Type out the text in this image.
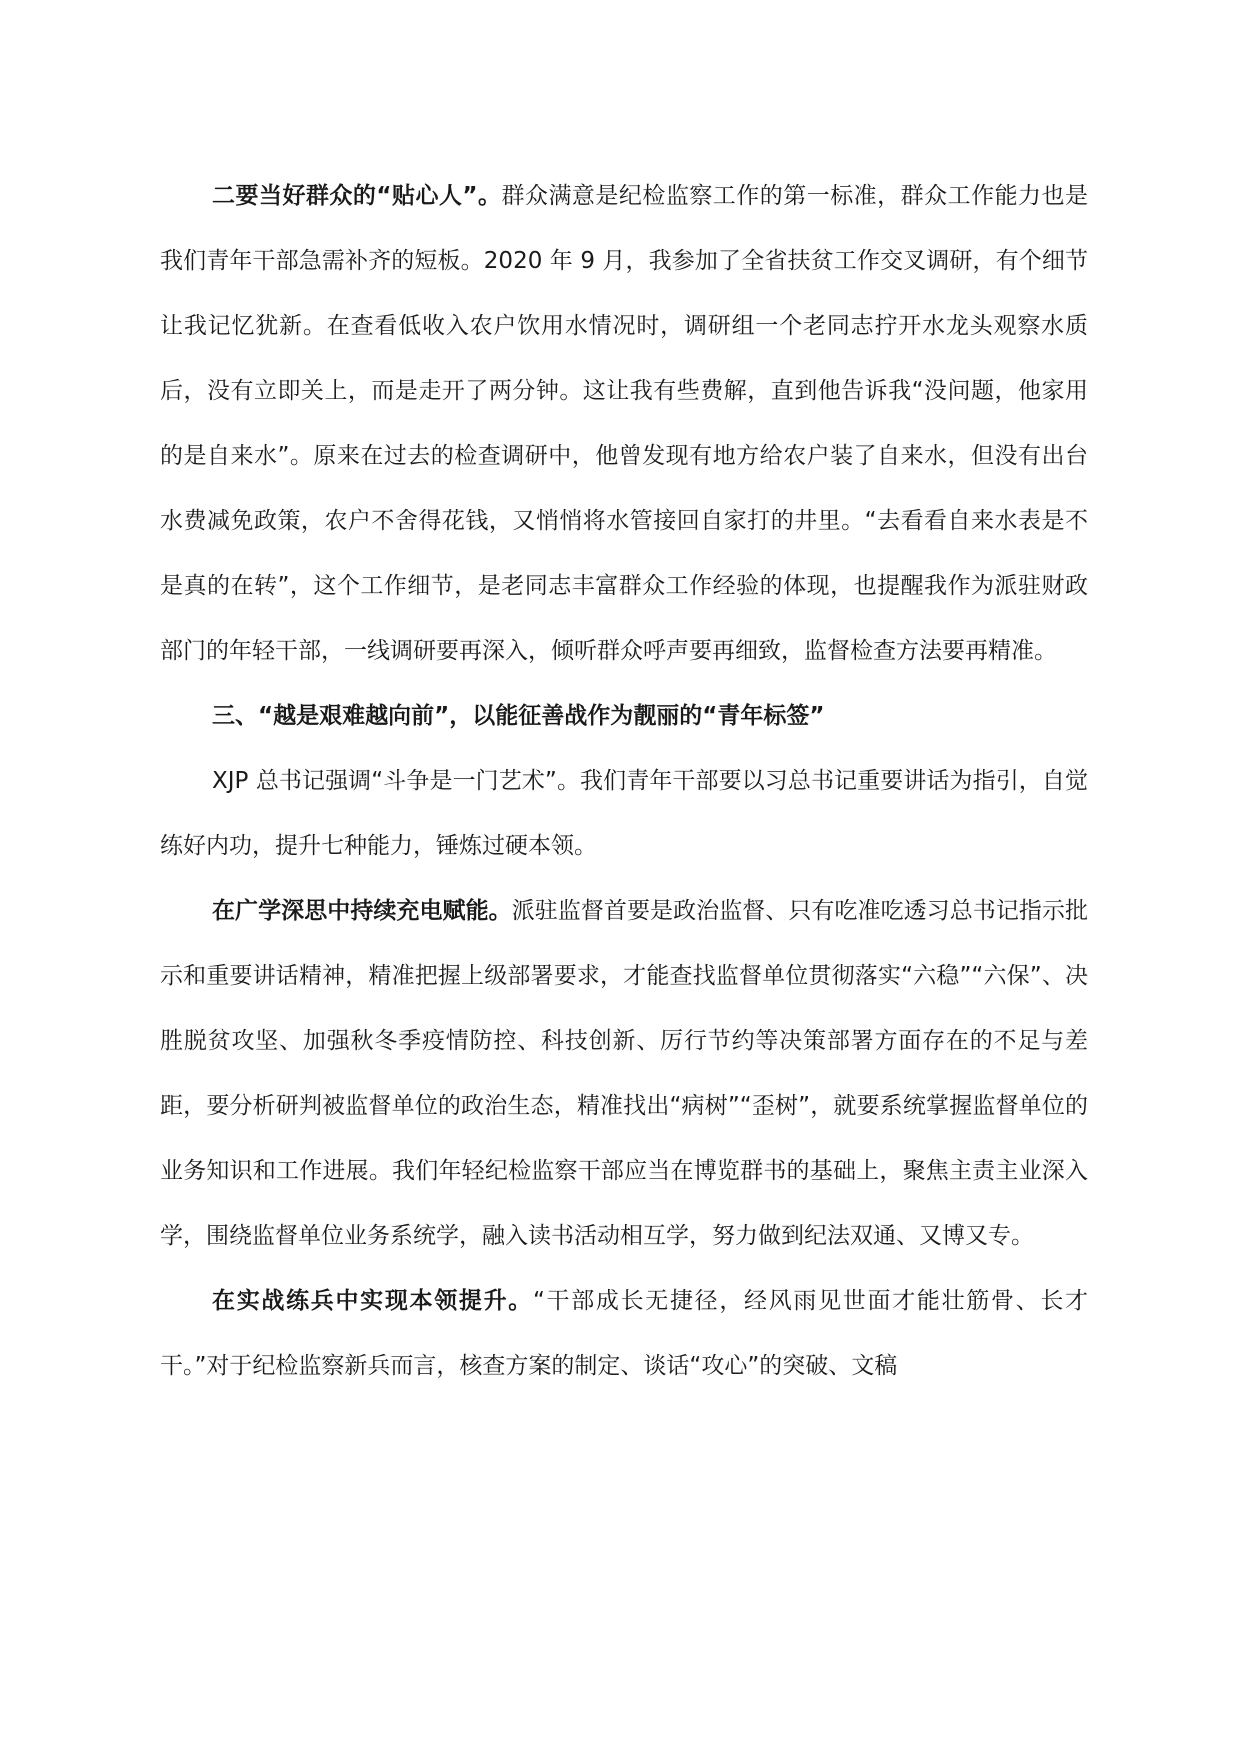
二要当好群众的“贴心人”。群众满意是纪检监察工作的第一标准，群众工作能力也是我们青年干部急需补齐的短板。2020 年 9 月，我参加了全省扶贫工作交叉调研，有个细节让我记忆犹新。在查看低收入农户饮用水情况时，调研组一个老同志拧开水龙头观察水质后，没有立即关上，而是走开了两分钟。这让我有些费解，直到他告诉我“没问题，他家用的是自来水”。原来在过去的检查调研中，他曾发现有地方给农户装了自来水，但没有出台水费减免政策，农户不舍得花钱，又悄悄将水管接回自家打的井里。“去看看自来水表是不是真的在转”，这个工作细节，是老同志丰富群众工作经验的体现，也提醒我作为派驻财政部门的年轻干部，一线调研要再深入，倾听群众呼声要再细致，监督检查方法要再精准。

三、“越是艰难越向前”，以能征善战作为靓丽的“青年标签”

XJP 总书记强调“斗争是一门艺术”。我们青年干部要以习总书记重要讲话为指引，自觉练好内功，提升七种能力，锤炼过硬本领。

在广学深思中持续充电赋能。派驻监督首要是政治监督、只有吃准吃透习总书记指示批示和重要讲话精神，精准把握上级部署要求，才能查找监督单位贯彻落实“六稳”“六保”、决胜脱贫攻坚、加强秋冬季疫情防控、科技创新、厉行节约等决策部署方面存在的不足与差距，要分析研判被监督单位的政治生态，精准找出“病树”“歪树”，就要系统掌握监督单位的业务知识和工作进展。我们年轻纪检监察干部应当在博览群书的基础上，聚焦主责主业深入学，围绕监督单位业务系统学，融入读书活动相互学，努力做到纪法双通、又博又专。

在实战练兵中实现本领提升。“干部成长无捷径，经风雨见世面才能壮筋骨、长才干。”对于纪检监察新兵而言，核查方案的制定、谈话“攻心”的突破、文稿
